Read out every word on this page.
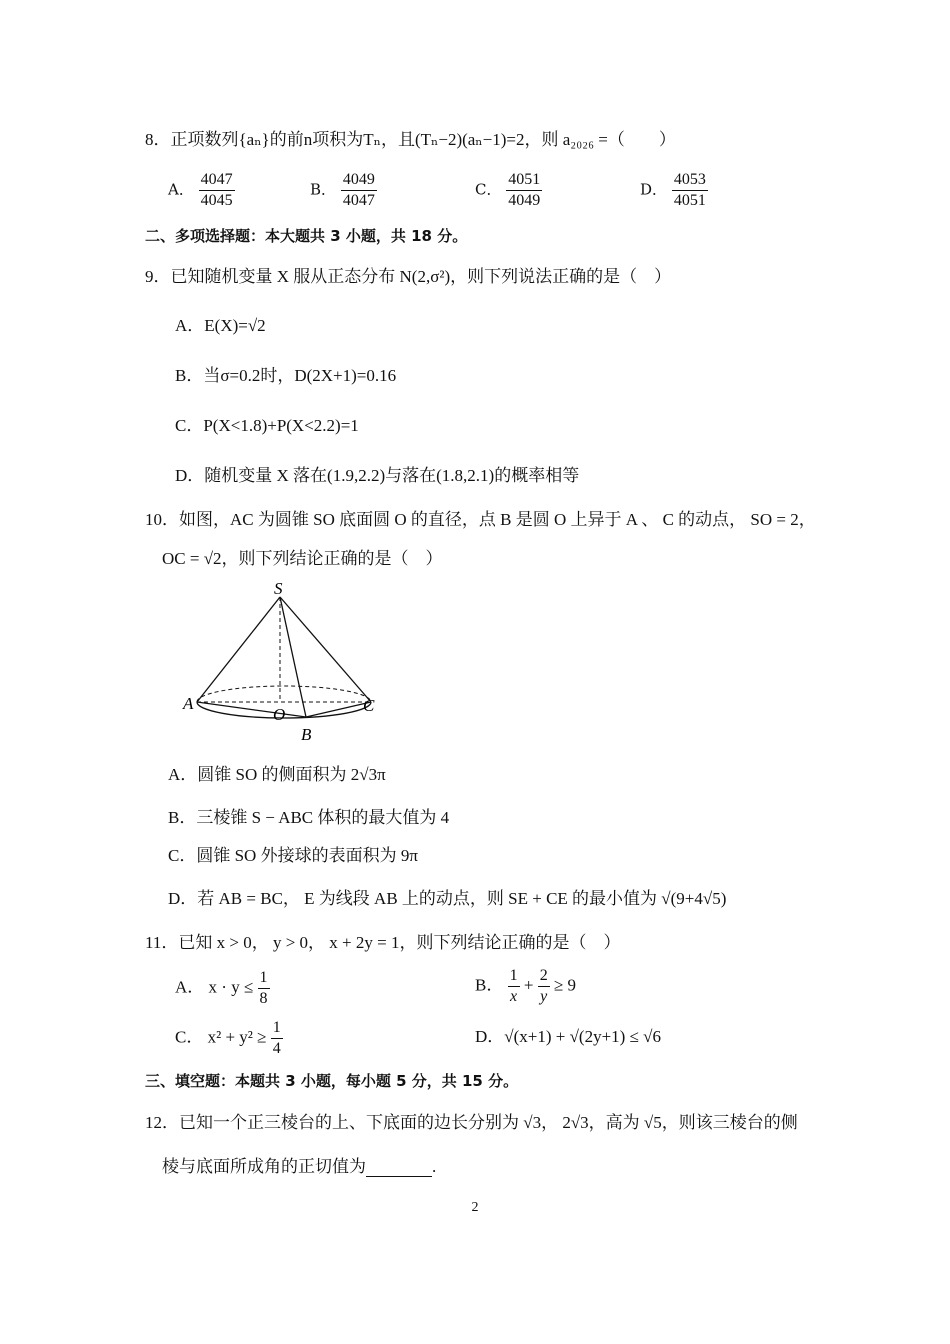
8．正项数列{aₙ}的前n项积为Tₙ，且(Tₙ−2)(aₙ−1)=2，则 a₂₀₂₆ =（　　）
A． $\frac{4047}{4045}$	B． $\frac{4049}{4047}$	C． $\frac{4051}{4049}$	D． $\frac{4053}{4051}$
二、多项选择题：本大题共 3 小题，共 18 分。
9．已知随机变量 X 服从正态分布 N(2,σ²)，则下列说法正确的是（　）
A．E(X)=√2
B．当σ=0.2时，D(2X+1)=0.16
C．P(X<1.8)+P(X<2.2)=1
D．随机变量 X 落在(1.9,2.2)与落在(1.8,2.1)的概率相等
10．如图，AC 为圆锥 SO 底面圆 O 的直径，点 B 是圆 O 上异于 A 、 C 的动点， SO = 2，
OC = √2，则下列结论正确的是（　）
S
A
O	C
B
A．圆锥 SO 的侧面积为 2√3π
B．三棱锥 S − ABC 体积的最大值为 4
C．圆锥 SO 外接球的表面积为 9π
D．若 AB = BC， E 为线段 AB 上的动点，则 SE + CE 的最小值为 √(9+4√5)
11．已知 x > 0， y > 0， x + 2y = 1，则下列结论正确的是（　）
A． $x \cdot y \le \frac{1}{8}$	B． $\frac{1}{x} + \frac{2}{y} \ge 9$
C． $x^2 + y^2 \ge \frac{1}{4}$	D．√(x+1) + √(2y+1) ≤ √6
三、填空题：本题共 3 小题，每小题 5 分，共 15 分。
12．已知一个正三棱台的上、下底面的边长分别为 √3， 2√3，高为 √5，则该三棱台的侧
棱与底面所成角的正切值为	.
2
